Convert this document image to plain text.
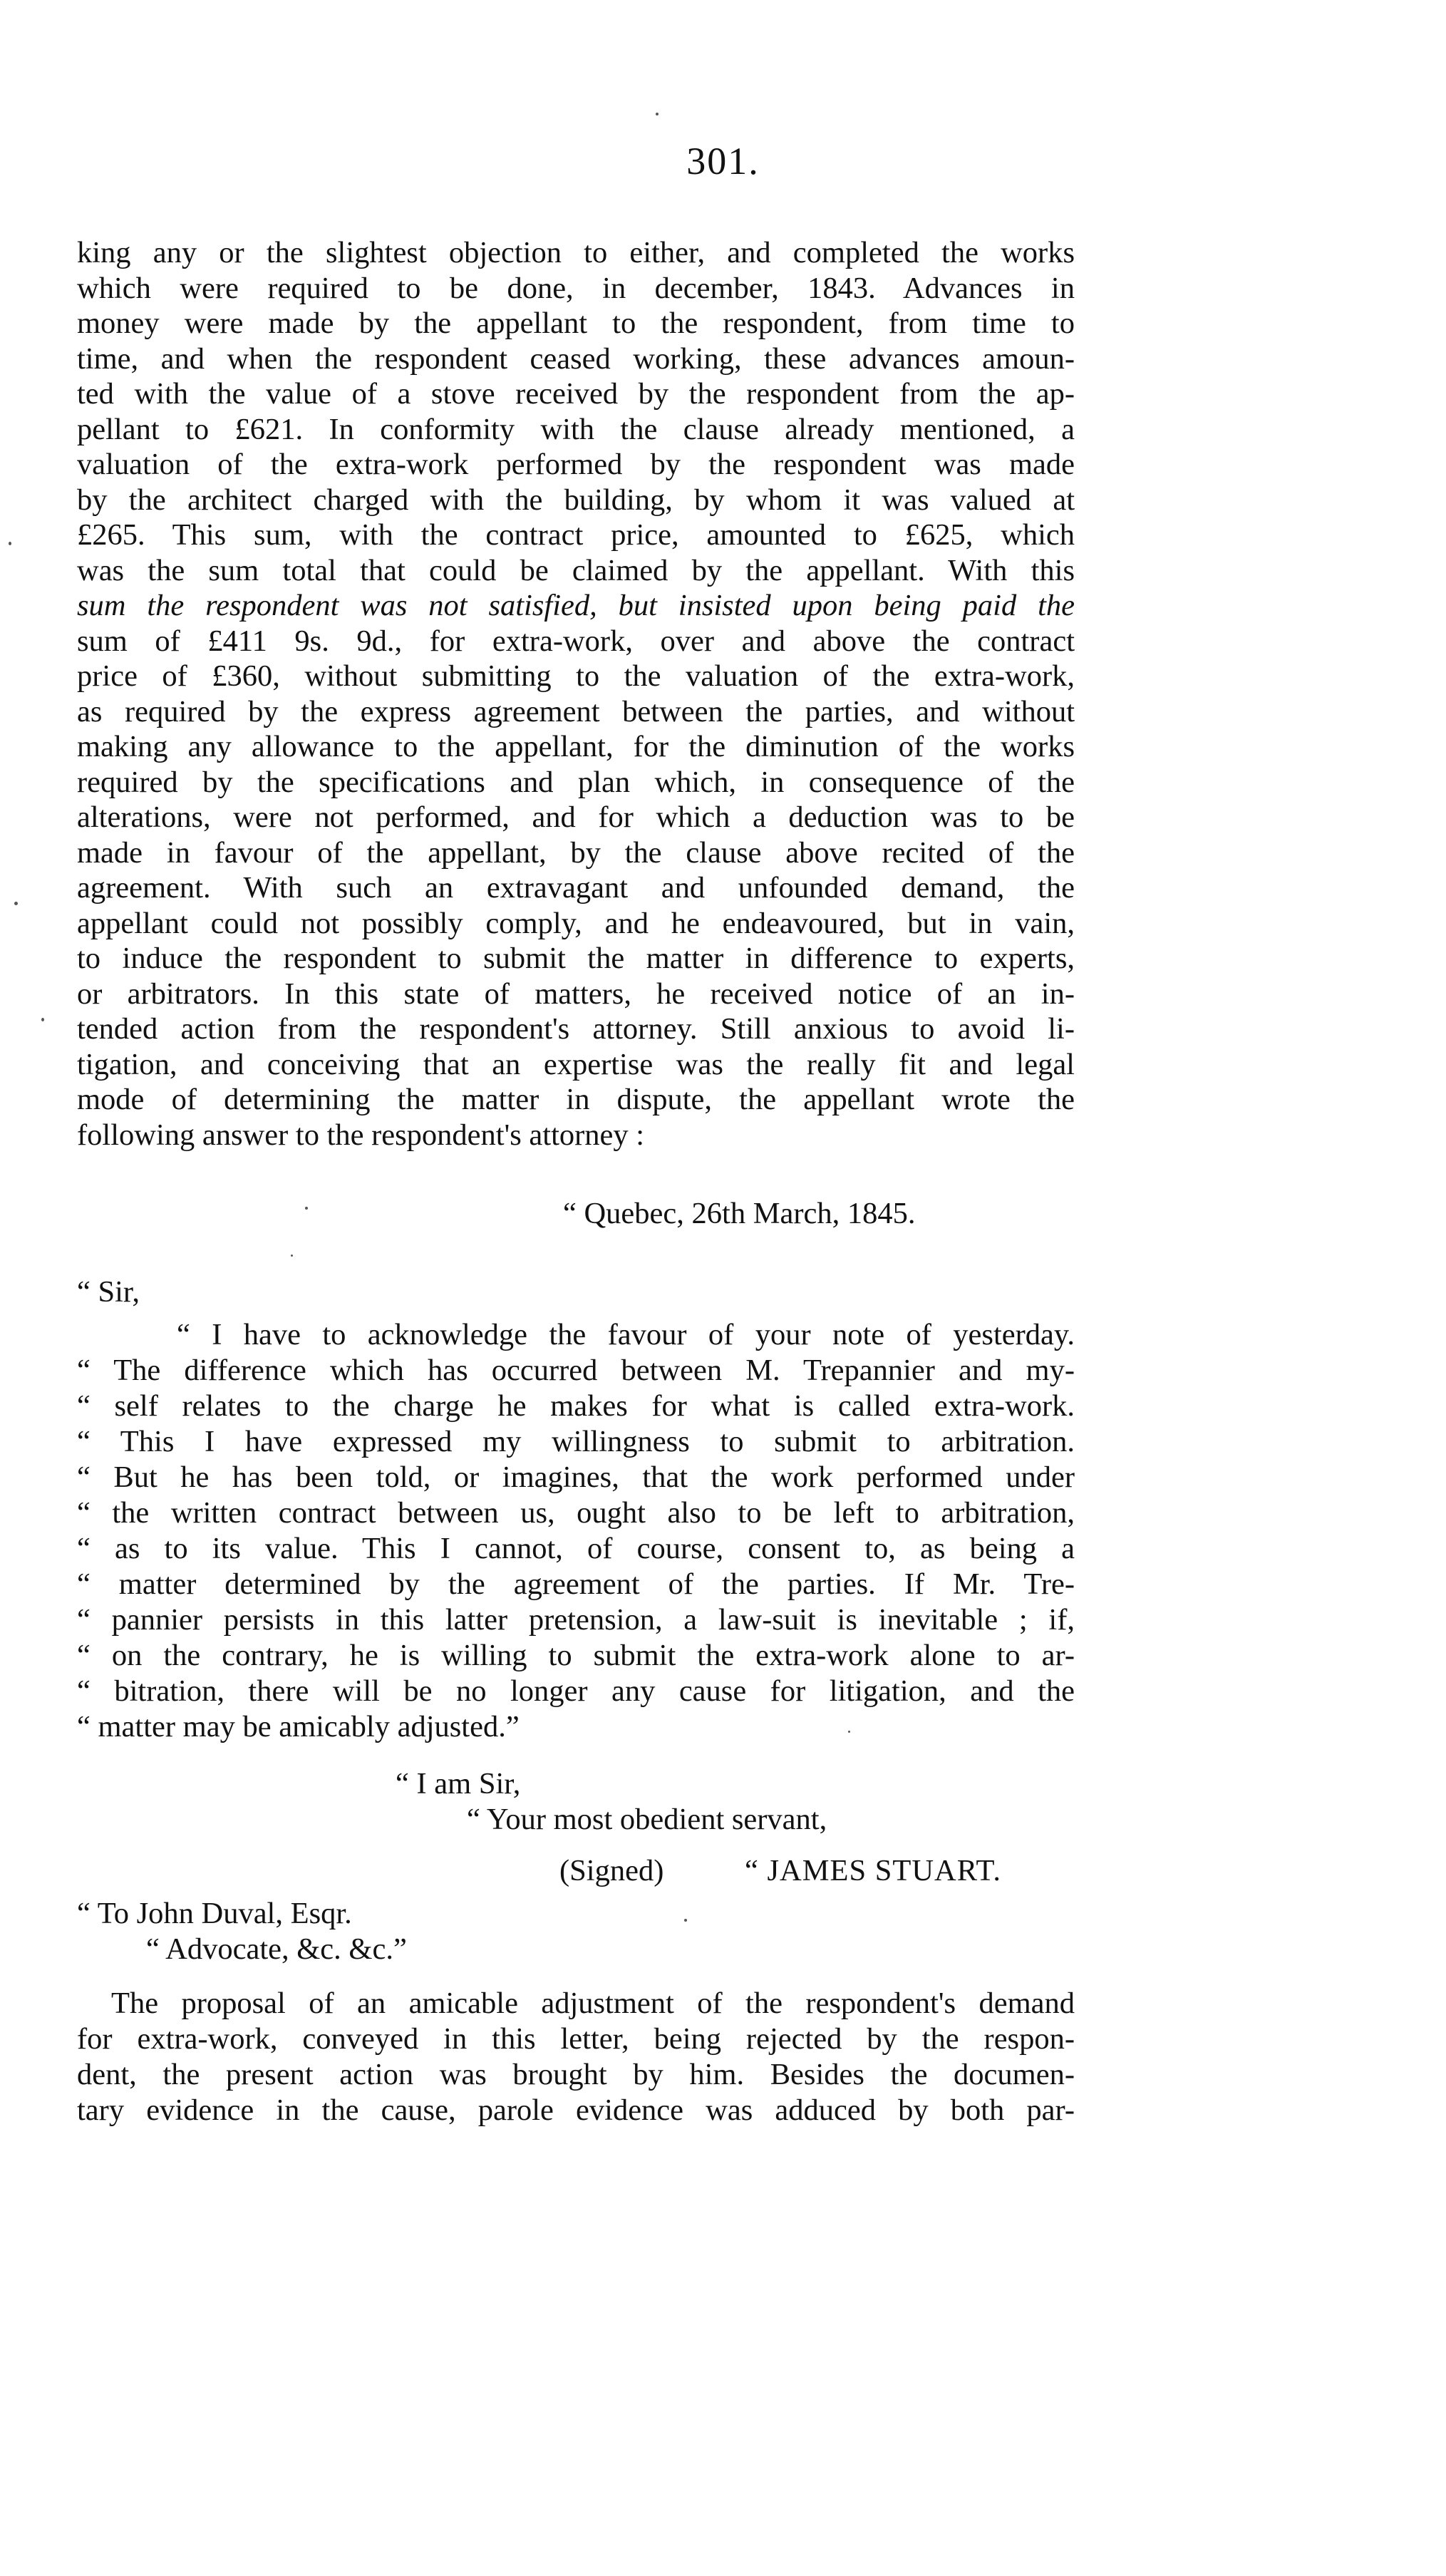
301.
king any or the slightest objection to either, and completed the works
which were required to be done, in december, 1843. Advances in
money were made by the appellant to the respondent, from time to
time, and when the respondent ceased working, these advances amoun-
ted with the value of a stove received by the respondent from the ap-
pellant to £621. In conformity with the clause already mentioned, a
valuation of the extra-work performed by the respondent was made
by the architect charged with the building, by whom it was valued at
£265. This sum, with the contract price, amounted to £625, which
was the sum total that could be claimed by the appellant. With this
sum the respondent was not satisfied, but insisted upon being paid the
sum of £411 9s. 9d., for extra-work, over and above the contract
price of £360, without submitting to the valuation of the extra-work,
as required by the express agreement between the parties, and without
making any allowance to the appellant, for the diminution of the works
required by the specifications and plan which, in consequence of the
alterations, were not performed, and for which a deduction was to be
made in favour of the appellant, by the clause above recited of the
agreement. With such an extravagant and unfounded demand, the
appellant could not possibly comply, and he endeavoured, but in vain,
to induce the respondent to submit the matter in difference to experts,
or arbitrators. In this state of matters, he received notice of an in-
tended action from the respondent's attorney. Still anxious to avoid li-
tigation, and conceiving that an expertise was the really fit and legal
mode of determining the matter in dispute, the appellant wrote the
following answer to the respondent's attorney :
“ Quebec, 26th March, 1845.
“ Sir,
“ I have to acknowledge the favour of your note of yesterday.
“ The difference which has occurred between M. Trepannier and my-
“ self relates to the charge he makes for what is called extra-work.
“ This I have expressed my willingness to submit to arbitration.
“ But he has been told, or imagines, that the work performed under
“ the written contract between us, ought also to be left to arbitration,
“ as to its value. This I cannot, of course, consent to, as being a
“ matter determined by the agreement of the parties. If Mr. Tre-
“ pannier persists in this latter pretension, a law-suit is inevitable ; if,
“ on the contrary, he is willing to submit the extra-work alone to ar-
“ bitration, there will be no longer any cause for litigation, and the
“ matter may be amicably adjusted.”
“ I am Sir,
“ Your most obedient servant,
(Signed)	“ JAMES STUART.
“ To John Duval, Esqr.
“ Advocate, &c. &c.”
The proposal of an amicable adjustment of the respondent's demand
for extra-work, conveyed in this letter, being rejected by the respon-
dent, the present action was brought by him. Besides the documen-
tary evidence in the cause, parole evidence was adduced by both par-
